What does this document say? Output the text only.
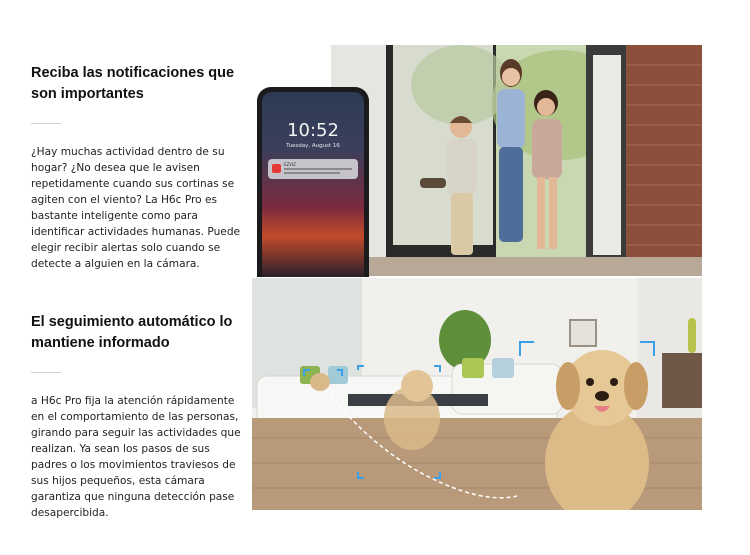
Reciba las notificaciones que son importantes

¿Hay muchas actividad dentro de su hogar? ¿No desea que le avisen repetidamente cuando sus cortinas se agiten con el viento? La H6c Pro es bastante inteligente como para identificar actividades humanas. Puede elegir recibir alertas solo cuando se detecte a alguien en la cámara.

El seguimiento automático lo mantiene informado

a H6c Pro fija la atención rápidamente en el comportamiento de las personas, girando para seguir las actividades que realizan. Ya sean los pasos de sus padres o los movimientos traviesos de sus hijos pequeños, esta cámara garantiza que ninguna detección pase desapercibida.

10:52
Tuesday, August 16
EZVIZ
